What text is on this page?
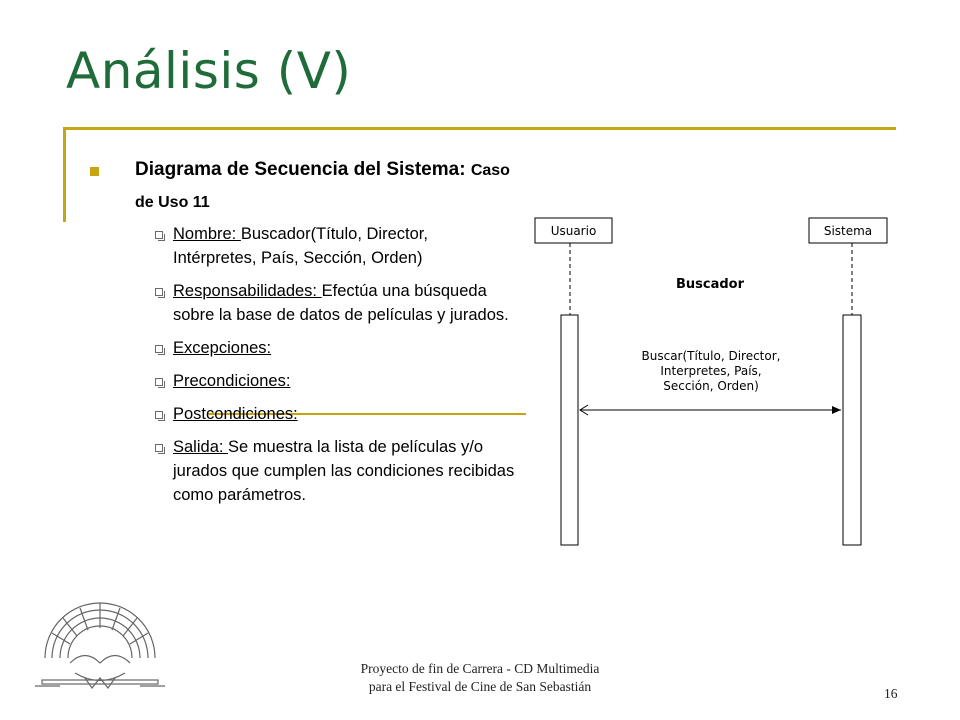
Análisis (V)
Diagrama de Secuencia del Sistema: Caso de Uso 11
Nombre: Buscador(Título, Director, Intérpretes, País, Sección, Orden)
Responsabilidades: Efectúa una búsqueda sobre la base de datos de películas y jurados.
Excepciones:
Precondiciones:
Postcondiciones:
Salida: Se muestra la lista de películas y/o jurados que cumplen las condiciones recibidas como parámetros.
Usuario	Sistema
Buscador
Buscar(Título, Director,
Interpretes, País,
Sección, Orden)
Proyecto de fin de Carrera - CD Multimedia
para el Festival de Cine de San Sebastián	16
